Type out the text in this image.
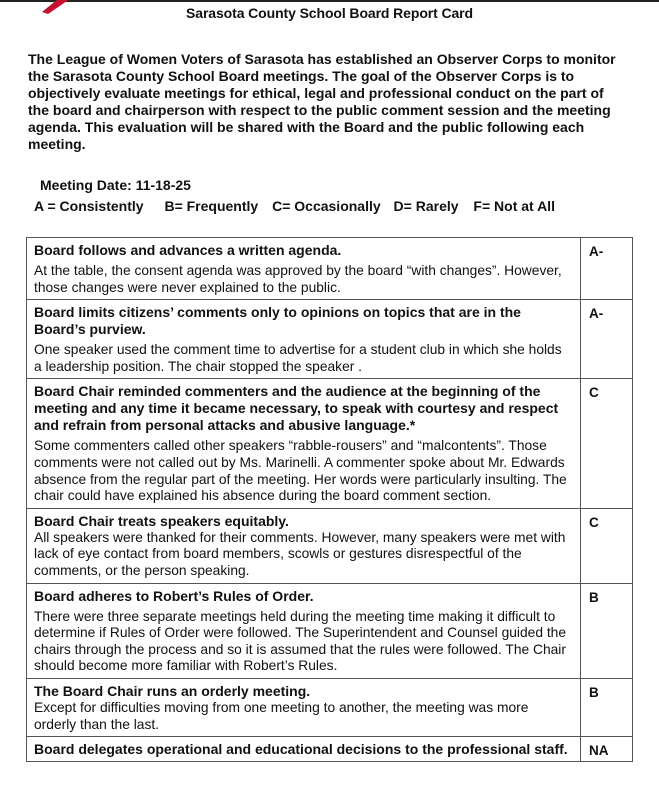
Sarasota County School Board Report Card
The League of Women Voters of Sarasota has established an Observer Corps to monitor the Sarasota County School Board meetings. The goal of the Observer Corps is to objectively evaluate meetings for ethical, legal and professional conduct on the part of the board and chairperson with respect to the public comment session and the meeting agenda. This evaluation will be shared with the Board and the public following each meeting.
Meeting Date: 11-18-25
A = Consistently B= Frequently C= Occasionally D= Rarely F= Not at All
Board follows and advances a written agenda.
At the table, the consent agenda was approved by the board “with changes”. However, those changes were never explained to the public.	A-

Board limits citizens’ comments only to opinions on topics that are in the Board’s purview.
One speaker used the comment time to advertise for a student club in which she holds a leadership position. The chair stopped the speaker .	A-

Board Chair reminded commenters and the audience at the beginning of the meeting and any time it became necessary, to speak with courtesy and respect and refrain from personal attacks and abusive language.*
Some commenters called other speakers “rabble-rousers” and “malcontents”. Those comments were not called out by Ms. Marinelli. A commenter spoke about Mr. Edwards absence from the regular part of the meeting. Her words were particularly insulting. The chair could have explained his absence during the board comment section.	C

Board Chair treats speakers equitably.
All speakers were thanked for their comments. However, many speakers were met with lack of eye contact from board members, scowls or gestures disrespectful of the comments, or the person speaking.	C

Board adheres to Robert’s Rules of Order.
There were three separate meetings held during the meeting time making it difficult to determine if Rules of Order were followed. The Superintendent and Counsel guided the chairs through the process and so it is assumed that the rules were followed. The Chair should become more familiar with Robert’s Rules.	B

The Board Chair runs an orderly meeting.
Except for difficulties moving from one meeting to another, the meeting was more orderly than the last.	B

Board delegates operational and educational decisions to the professional staff.	NA
